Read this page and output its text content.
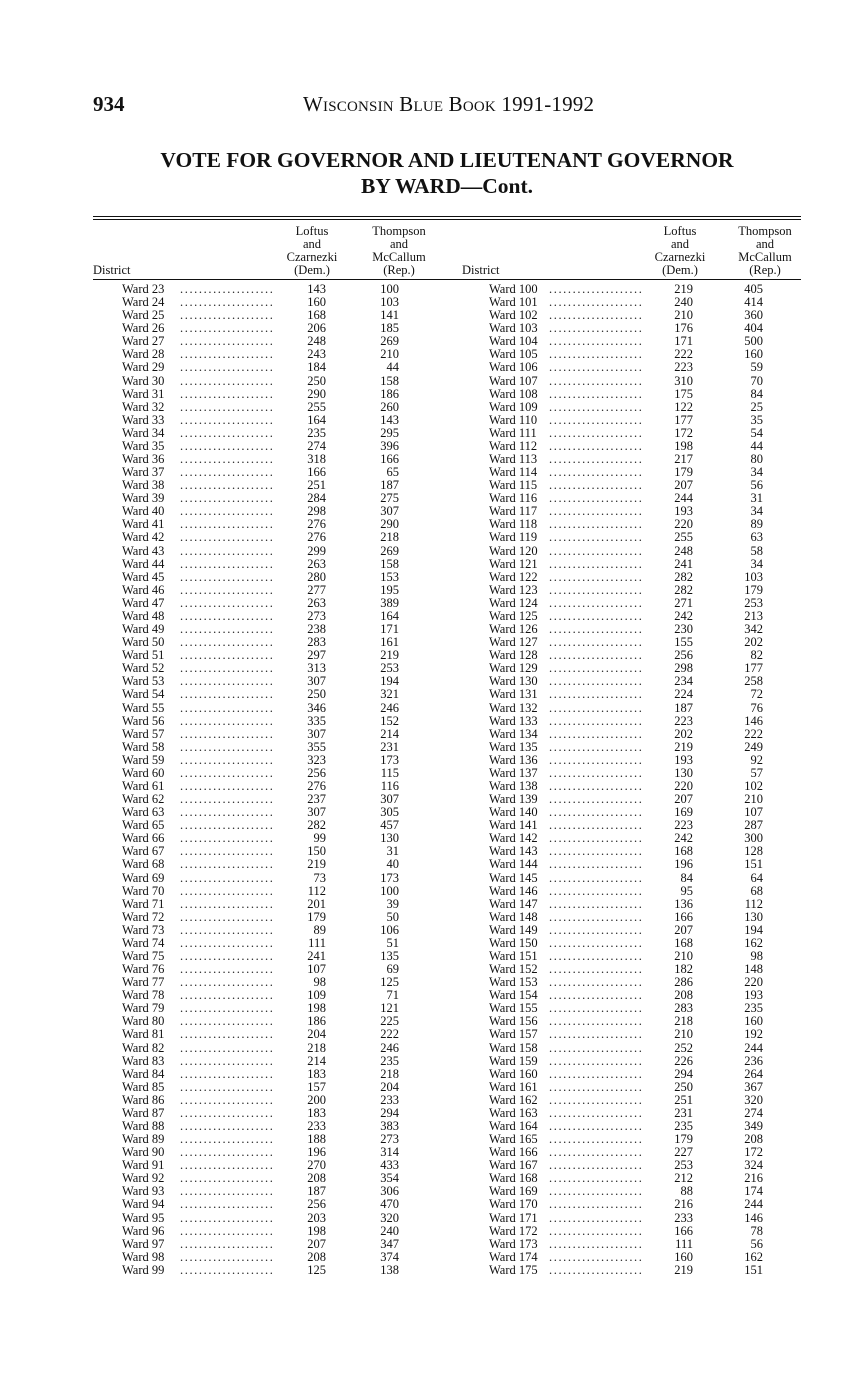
934	Wisconsin Blue Book 1991-1992
VOTE FOR GOVERNOR AND LIEUTENANT GOVERNOR
BY WARD—Cont.
District
Loftus
and
Czarnezki
(Dem.)
Thompson
and
McCallum
(Rep.)	District
Loftus
and
Czarnezki
(Dem.)
Thompson
and
McCallum
(Rep.)
Ward 23 ....................	143	100
Ward 24 ....................	160	103
Ward 25 ....................	168	141
Ward 26 ....................	206	185
Ward 27 ....................	248	269
Ward 28 ....................	243	210
Ward 29 ....................	184	44
Ward 30 ....................	250	158
Ward 31 ....................	290	186
Ward 32 ....................	255	260
Ward 33 ....................	164	143
Ward 34 ....................	235	295
Ward 35 ....................	274	396
Ward 36 ....................	318	166
Ward 37 ....................	166	65
Ward 38 ....................	251	187
Ward 39 ....................	284	275
Ward 40 ....................	298	307
Ward 41 ....................	276	290
Ward 42 ....................	276	218
Ward 43 ....................	299	269
Ward 44 ....................	263	158
Ward 45 ....................	280	153
Ward 46 ....................	277	195
Ward 47 ....................	263	389
Ward 48 ....................	273	164
Ward 49 ....................	238	171
Ward 50 ....................	283	161
Ward 51 ....................	297	219
Ward 52 ....................	313	253
Ward 53 ....................	307	194
Ward 54 ....................	250	321
Ward 55 ....................	346	246
Ward 56 ....................	335	152
Ward 57 ....................	307	214
Ward 58 ....................	355	231
Ward 59 ....................	323	173
Ward 60 ....................	256	115
Ward 61 ....................	276	116
Ward 62 ....................	237	307
Ward 63 ....................	307	305
Ward 65 ....................	282	457
Ward 66 ....................	99	130
Ward 67 ....................	150	31
Ward 68 ....................	219	40
Ward 69 ....................	73	173
Ward 70 ....................	112	100
Ward 71 ....................	201	39
Ward 72 ....................	179	50
Ward 73 ....................	89	106
Ward 74 ....................	111	51
Ward 75 ....................	241	135
Ward 76 ....................	107	69
Ward 77 ....................	98	125
Ward 78 ....................	109	71
Ward 79 ....................	198	121
Ward 80 ....................	186	225
Ward 81 ....................	204	222
Ward 82 ....................	218	246
Ward 83 ....................	214	235
Ward 84 ....................	183	218
Ward 85 ....................	157	204
Ward 86 ....................	200	233
Ward 87 ....................	183	294
Ward 88 ....................	233	383
Ward 89 ....................	188	273
Ward 90 ....................	196	314
Ward 91 ....................	270	433
Ward 92 ....................	208	354
Ward 93 ....................	187	306
Ward 94 ....................	256	470
Ward 95 ....................	203	320
Ward 96 ....................	198	240
Ward 97 ....................	207	347
Ward 98 ....................	208	374
Ward 99 ....................	125	138
Ward 100 ....................	219	405
Ward 101 ....................	240	414
Ward 102 ....................	210	360
Ward 103 ....................	176	404
Ward 104 ....................	171	500
Ward 105 ....................	222	160
Ward 106 ....................	223	59
Ward 107 ....................	310	70
Ward 108 ....................	175	84
Ward 109 ....................	122	25
Ward 110 ....................	177	35
Ward 111 ....................	172	54
Ward 112 ....................	198	44
Ward 113 ....................	217	80
Ward 114 ....................	179	34
Ward 115 ....................	207	56
Ward 116 ....................	244	31
Ward 117 ....................	193	34
Ward 118 ....................	220	89
Ward 119 ....................	255	63
Ward 120 ....................	248	58
Ward 121 ....................	241	34
Ward 122 ....................	282	103
Ward 123 ....................	282	179
Ward 124 ....................	271	253
Ward 125 ....................	242	213
Ward 126 ....................	230	342
Ward 127 ....................	155	202
Ward 128 ....................	256	82
Ward 129 ....................	298	177
Ward 130 ....................	234	258
Ward 131 ....................	224	72
Ward 132 ....................	187	76
Ward 133 ....................	223	146
Ward 134 ....................	202	222
Ward 135 ....................	219	249
Ward 136 ....................	193	92
Ward 137 ....................	130	57
Ward 138 ....................	220	102
Ward 139 ....................	207	210
Ward 140 ....................	169	107
Ward 141 ....................	223	287
Ward 142 ....................	242	300
Ward 143 ....................	168	128
Ward 144 ....................	196	151
Ward 145 ....................	84	64
Ward 146 ....................	95	68
Ward 147 ....................	136	112
Ward 148 ....................	166	130
Ward 149 ....................	207	194
Ward 150 ....................	168	162
Ward 151 ....................	210	98
Ward 152 ....................	182	148
Ward 153 ....................	286	220
Ward 154 ....................	208	193
Ward 155 ....................	283	235
Ward 156 ....................	218	160
Ward 157 ....................	210	192
Ward 158 ....................	252	244
Ward 159 ....................	226	236
Ward 160 ....................	294	264
Ward 161 ....................	250	367
Ward 162 ....................	251	320
Ward 163 ....................	231	274
Ward 164 ....................	235	349
Ward 165 ....................	179	208
Ward 166 ....................	227	172
Ward 167 ....................	253	324
Ward 168 ....................	212	216
Ward 169 ....................	88	174
Ward 170 ....................	216	244
Ward 171 ....................	233	146
Ward 172 ....................	166	78
Ward 173 ....................	111	56
Ward 174 ....................	160	162
Ward 175 ....................	219	151
